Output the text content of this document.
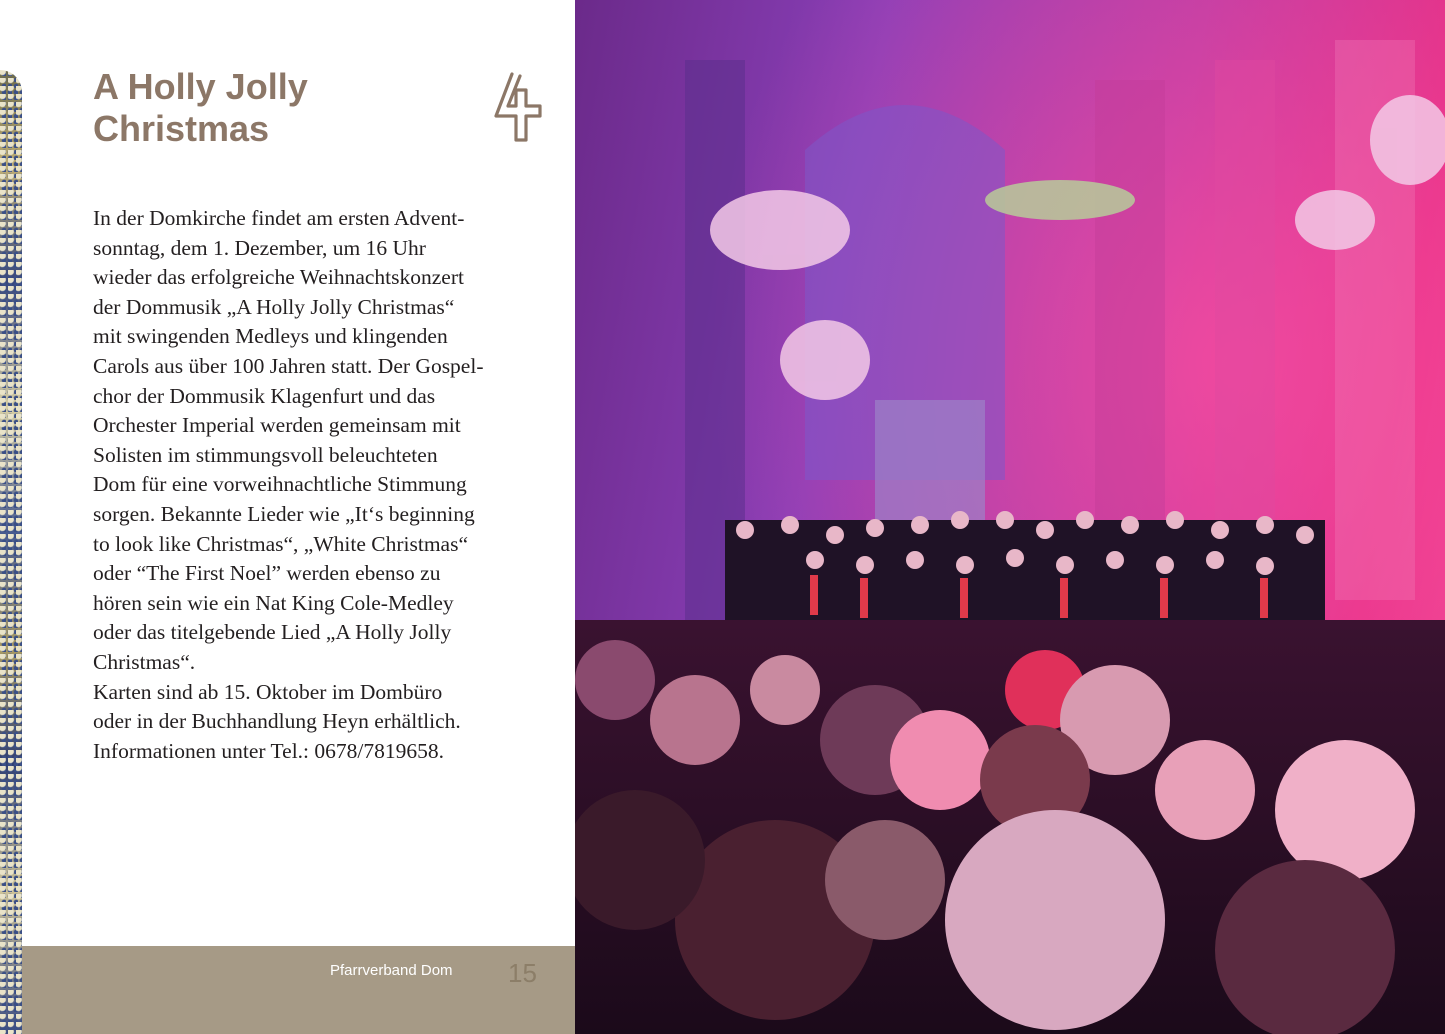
A Holly Jolly Christmas

In der Domkirche findet am ersten Advent-
sonntag, dem 1. Dezember, um 16 Uhr
wieder das erfolgreiche Weihnachtskonzert
der Dommusik „A Holly Jolly Christmas“
mit swingenden Medleys und klingenden
Carols aus über 100 Jahren statt. Der Gospel-
chor der Dommusik Klagenfurt und das
Orchester Imperial werden gemeinsam mit
Solisten im stimmungsvoll beleuchteten
Dom für eine vorweihnachtliche Stimmung
sorgen. Bekannte Lieder wie „It‘s beginning
to look like Christmas“, „White Christmas“
oder “The First Noel” werden ebenso zu
hören sein wie ein Nat King Cole-Medley
oder das titelgebende Lied „A Holly Jolly
Christmas“.
Karten sind ab 15. Oktober im Dombüro
oder in der Buchhandlung Heyn erhältlich.
Informationen unter Tel.: 0678/7819658.

Pfarrverband Dom 15
